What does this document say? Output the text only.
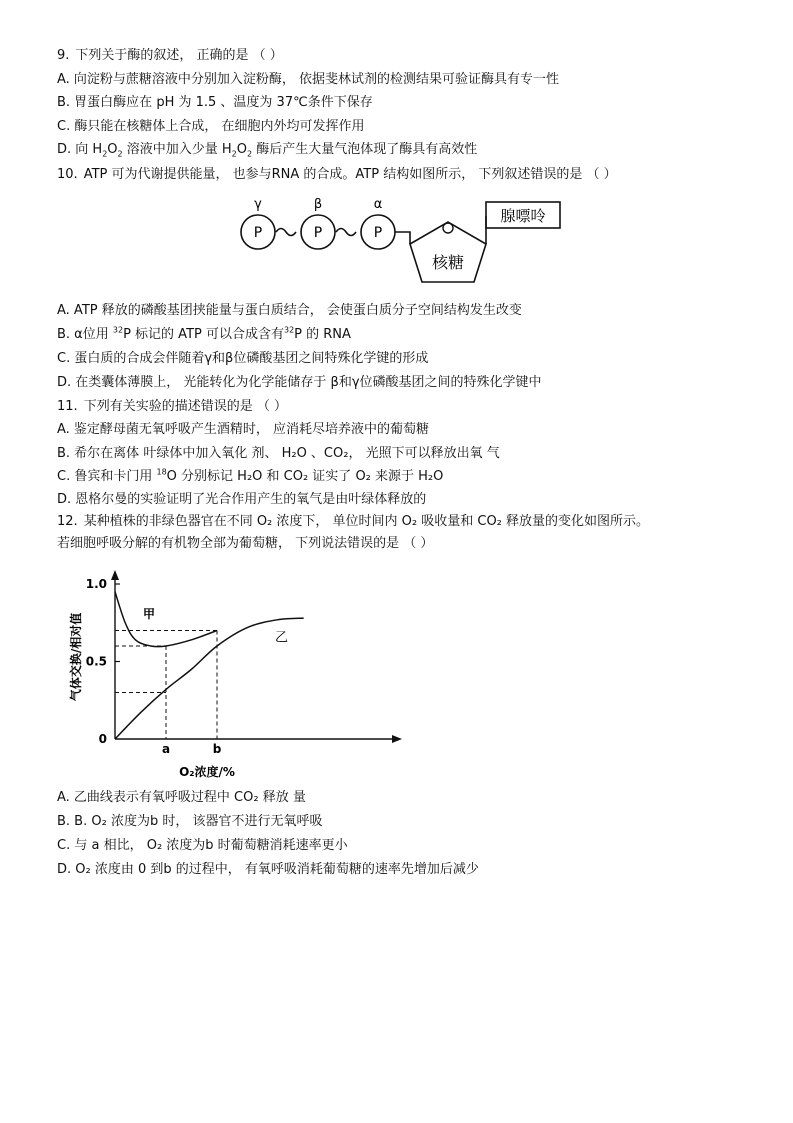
9. 下列关于酶的叙述， 正确的是 （ ）
A. 向淀粉与蔗糖溶液中分别加入淀粉酶， 依据斐林试剂的检测结果可验证酶具有专一性
B. 胃蛋白酶应在 pH 为 1.5 、温度为 37℃条件下保存
C. 酶只能在核糖体上合成， 在细胞内外均可发挥作用
D. 向 $H_2O_2$ 溶液中加入少量 $H_2O_2$ 酶后产生大量气泡体现了酶具有高效性
10. ATP 可为代谢提供能量， 也参与RNA 的合成。ATP 结构如图所示， 下列叙述错误的是 （ ）
γ	β	α
P	P	P
核糖
腺嘌呤
A. ATP 释放的磷酸基团挟能量与蛋白质结合， 会使蛋白质分子空间结构发生改变
B. α位用 $^{32}$P 标记的 ATP 可以合成含有$^{32}$P 的 RNA
C. 蛋白质的合成会伴随着γ和β位磷酸基团之间特殊化学键的形成
D. 在类囊体薄膜上， 光能转化为化学能储存于 β和γ位磷酸基团之间的特殊化学键中
11. 下列有关实验的描述错误的是 （ ）
A. 鉴定酵母菌无氧呼吸产生酒精时， 应消耗尽培养液中的葡萄糖
B. 希尔在离体 叶绿体中加入氧化 剂、 H₂O 、CO₂， 光照下可以释放出氧 气
C. 鲁宾和卡门用 $^{18}$O 分别标记 H₂O 和 CO₂ 证实了 O₂ 来源于 H₂O
D. 恩格尔曼的实验证明了光合作用产生的氧气是由叶绿体释放的
12. 某种植株的非绿色器官在不同 O₂ 浓度下， 单位时间内 O₂ 吸收量和 CO₂ 释放量的变化如图所示。
若细胞呼吸分解的有机物全部为葡萄糖， 下列说法错误的是 （ ）
0
0.5
1.0
a	b
O₂浓度/%
气体交换/相对值	甲
乙
A. 乙曲线表示有氧呼吸过程中 CO₂ 释放 量
B. B. O₂ 浓度为b 时， 该器官不进行无氧呼吸
C. 与 a 相比， O₂ 浓度为b 时葡萄糖消耗速率更小
D. O₂ 浓度由 0 到b 的过程中， 有氧呼吸消耗葡萄糖的速率先增加后减少
